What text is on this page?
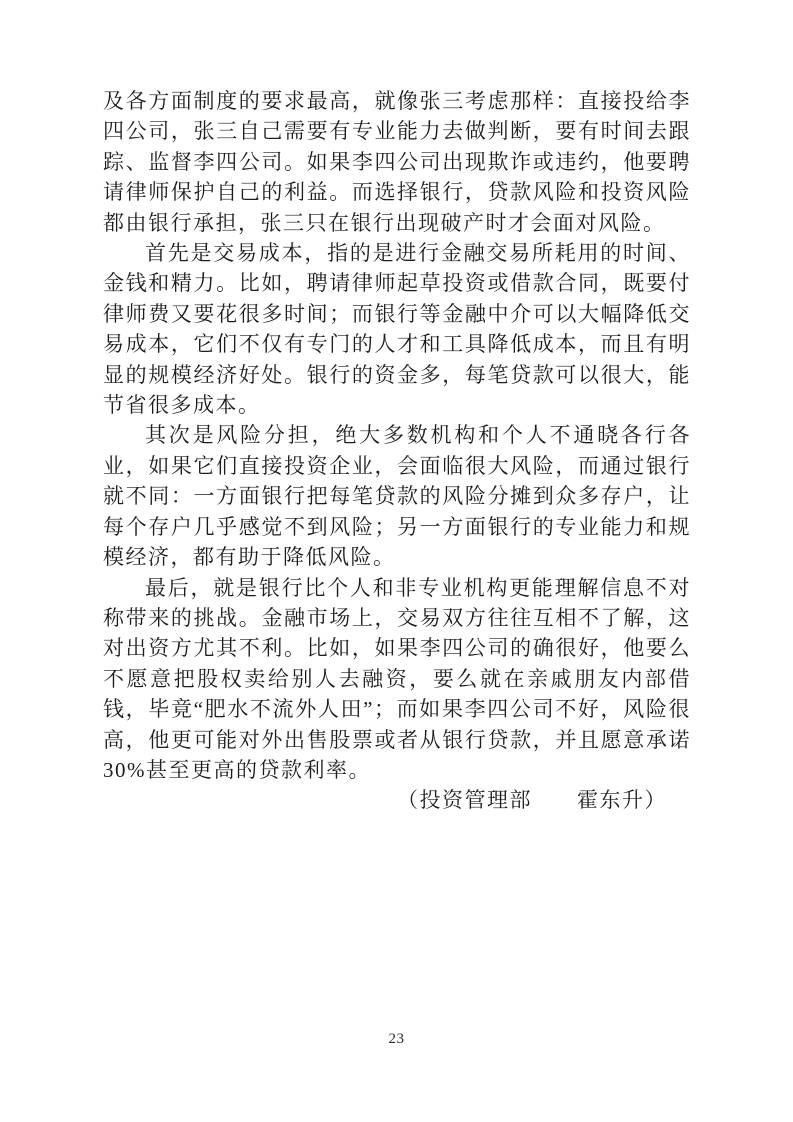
及各方面制度的要求最高，就像张三考虑那样：直接投给李四公司，张三自己需要有专业能力去做判断，要有时间去跟踪、监督李四公司。如果李四公司出现欺诈或违约，他要聘请律师保护自己的利益。而选择银行，贷款风险和投资风险都由银行承担，张三只在银行出现破产时才会面对风险。

首先是交易成本，指的是进行金融交易所耗用的时间、金钱和精力。比如，聘请律师起草投资或借款合同，既要付律师费又要花很多时间；而银行等金融中介可以大幅降低交易成本，它们不仅有专门的人才和工具降低成本，而且有明显的规模经济好处。银行的资金多，每笔贷款可以很大，能节省很多成本。

其次是风险分担，绝大多数机构和个人不通晓各行各业，如果它们直接投资企业，会面临很大风险，而通过银行就不同：一方面银行把每笔贷款的风险分摊到众多存户，让每个存户几乎感觉不到风险；另一方面银行的专业能力和规模经济，都有助于降低风险。

最后，就是银行比个人和非专业机构更能理解信息不对称带来的挑战。金融市场上，交易双方往往互相不了解，这对出资方尤其不利。比如，如果李四公司的确很好，他要么不愿意把股权卖给别人去融资，要么就在亲戚朋友内部借钱，毕竟“肥水不流外人田”；而如果李四公司不好，风险很高，他更可能对外出售股票或者从银行贷款，并且愿意承诺 30%甚至更高的贷款利率。

（投资管理部　　霍东升）

23
